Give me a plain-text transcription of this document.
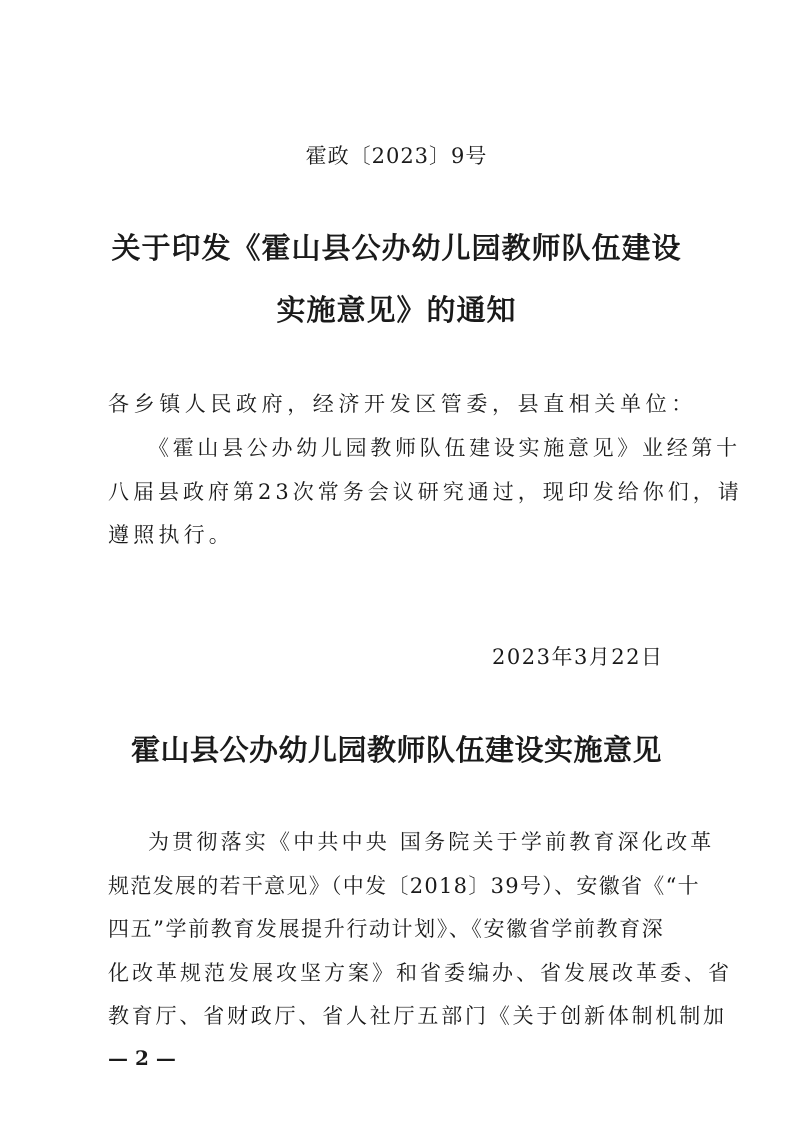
霍政〔2023〕9号
关于印发《霍山县公办幼儿园教师队伍建设
实施意见》的通知
各乡镇人民政府，经济开发区管委，县直相关单位：
《霍山县公办幼儿园教师队伍建设实施意见》业经第十
八届县政府第23次常务会议研究通过，现印发给你们，请
遵照执行。
2023年3月22日
霍山县公办幼儿园教师队伍建设实施意见
为贯彻落实《中共中央 国务院关于学前教育深化改革
规范发展的若干意见》（中发〔2018〕39号）、安徽省《“十
四五”学前教育发展提升行动计划》、《安徽省学前教育深
化改革规范发展攻坚方案》和省委编办、省发展改革委、省
教育厅、省财政厅、省人社厅五部门《关于创新体制机制加
— 2 —
